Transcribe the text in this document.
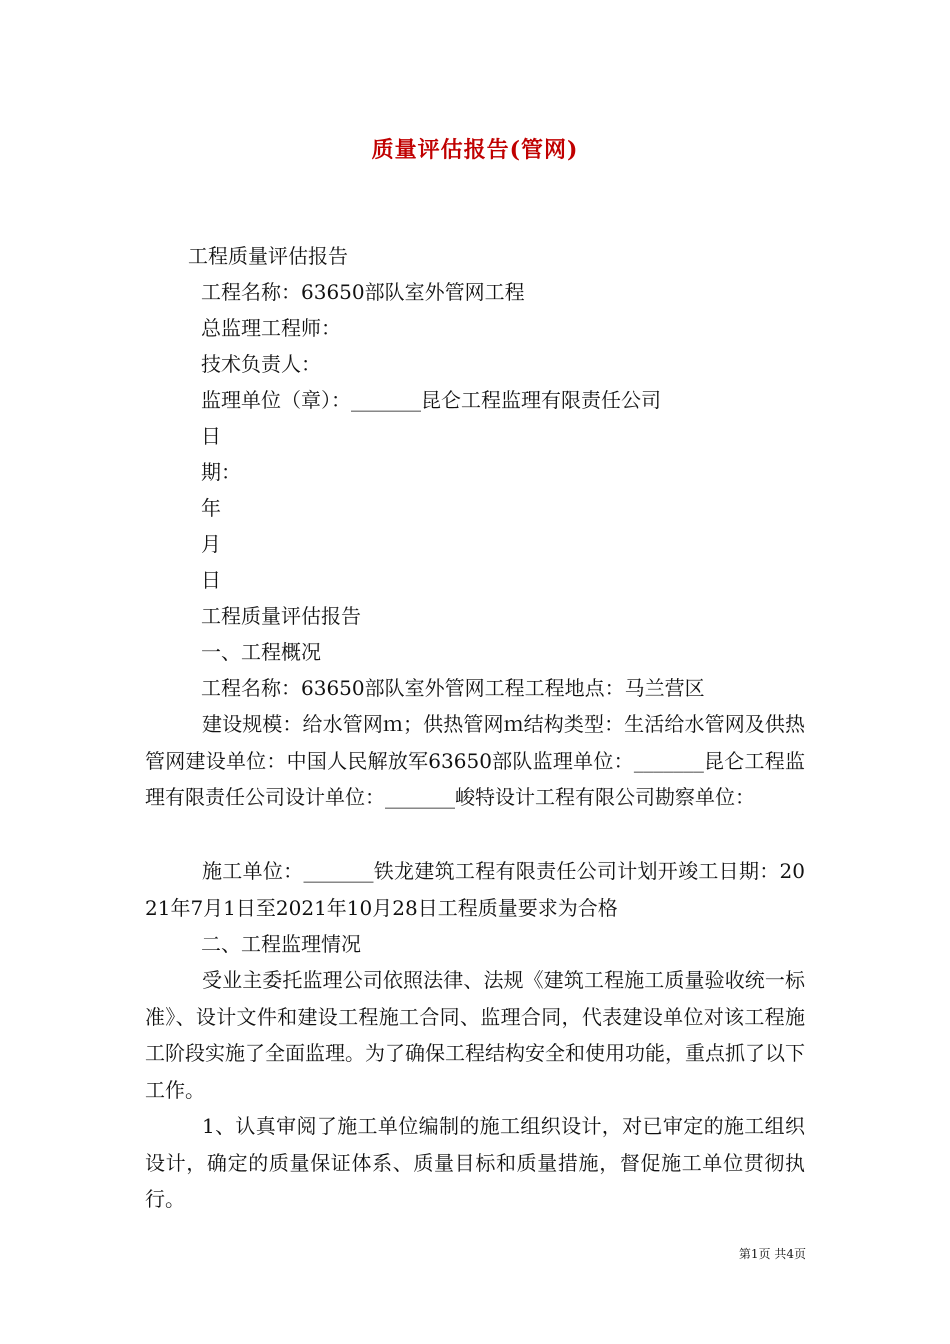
质量评估报告(管网)
工程质量评估报告
工程名称：63650部队室外管网工程
总监理工程师：
技术负责人：
监理单位（章）：_______昆仑工程监理有限责任公司
日
期：
年
月
日
工程质量评估报告
一、工程概况
工程名称：63650部队室外管网工程工程地点：马兰营区
建设规模：给水管网ｍ；供热管网ｍ结构类型：生活给水管网及供热管网建设单位：中国人民解放军63650部队监理单位：_______昆仑工程监理有限责任公司设计单位：_______峻特设计工程有限公司勘察单位：
施工单位：_______铁龙建筑工程有限责任公司计划开竣工日期：2021年7月1日至2021年10月28日工程质量要求为合格
二、工程监理情况
受业主委托监理公司依照法律、法规《建筑工程施工质量验收统一标准》、设计文件和建设工程施工合同、监理合同，代表建设单位对该工程施工阶段实施了全面监理。为了确保工程结构安全和使用功能，重点抓了以下工作。
1、认真审阅了施工单位编制的施工组织设计，对已审定的施工组织设计，确定的质量保证体系、质量目标和质量措施，督促施工单位贯彻执行。
第1页 共4页
